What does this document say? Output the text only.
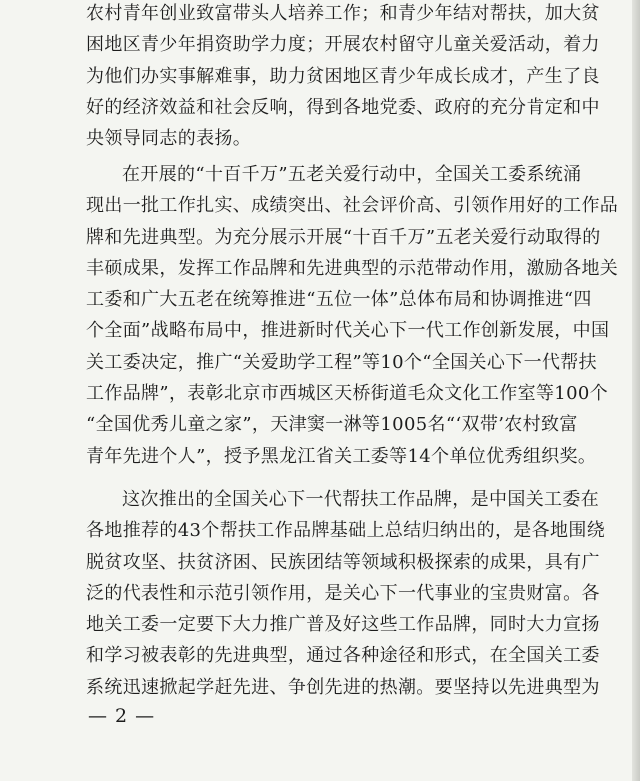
农村青年创业致富带头人培养工作；和青少年结对帮扶，加大贫
困地区青少年捐资助学力度；开展农村留守儿童关爱活动，着力
为他们办实事解难事，助力贫困地区青少年成长成才，产生了良
好的经济效益和社会反响，得到各地党委、政府的充分肯定和中
央领导同志的表扬。
在开展的“十百千万”五老关爱行动中，全国关工委系统涌
现出一批工作扎实、成绩突出、社会评价高、引领作用好的工作品
牌和先进典型。为充分展示开展“十百千万”五老关爱行动取得的
丰硕成果，发挥工作品牌和先进典型的示范带动作用，激励各地关
工委和广大五老在统筹推进“五位一体”总体布局和协调推进“四
个全面”战略布局中，推进新时代关心下一代工作创新发展，中国
关工委决定，推广“关爱助学工程”等10个“全国关心下一代帮扶
工作品牌”，表彰北京市西城区天桥街道毛众文化工作室等100个
“全国优秀儿童之家”，天津窦一淋等1005名“‘双带’农村致富
青年先进个人”，授予黑龙江省关工委等14个单位优秀组织奖。
这次推出的全国关心下一代帮扶工作品牌，是中国关工委在
各地推荐的43个帮扶工作品牌基础上总结归纳出的，是各地围绕
脱贫攻坚、扶贫济困、民族团结等领域积极探索的成果，具有广
泛的代表性和示范引领作用，是关心下一代事业的宝贵财富。各
地关工委一定要下大力推广普及好这些工作品牌，同时大力宣扬
和学习被表彰的先进典型，通过各种途径和形式，在全国关工委
系统迅速掀起学赶先进、争创先进的热潮。要坚持以先进典型为
— 2 —
